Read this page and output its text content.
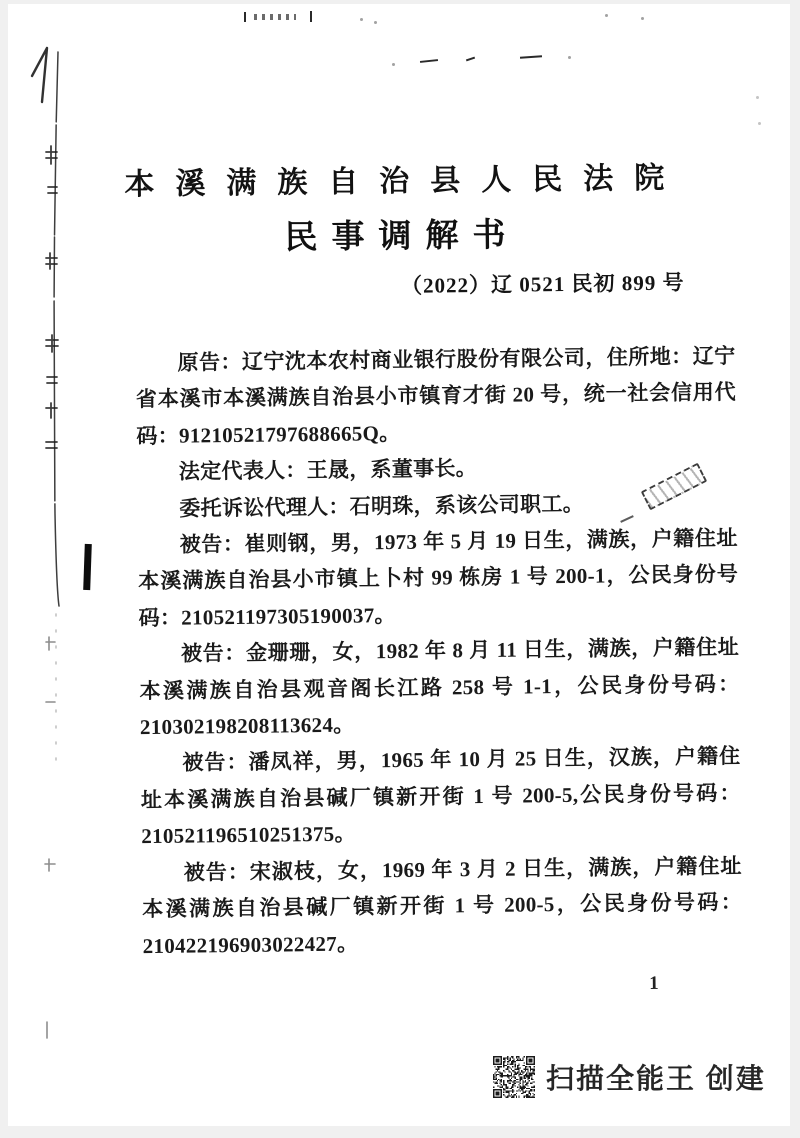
本溪满族自治县人民法院
民事调解书
（2022）辽 0521 民初 899 号

原告：辽宁沈本农村商业银行股份有限公司，住所地：辽宁省本溪市本溪满族自治县小市镇育才街 20 号，统一社会信用代码：91210521797688665Q。

法定代表人：王晟，系董事长。

委托诉讼代理人：石明珠，系该公司职工。

被告：崔则钢，男，1973 年 5 月 19 日生，满族，户籍住址本溪满族自治县小市镇上卜村 99 栋房 1 号 200-1，公民身份号码：210521197305190037。

被告：金珊珊，女，1982 年 8 月 11 日生，满族，户籍住址本溪满族自治县观音阁长江路 258 号 1-1，公民身份号码：210302198208113624。

被告：潘凤祥，男，1965 年 10 月 25 日生，汉族，户籍住址本溪满族自治县碱厂镇新开街 1 号 200-5,公民身份号码：210521196510251375。

被告：宋淑枝，女，1969 年 3 月 2 日生，满族，户籍住址本溪满族自治县碱厂镇新开街 1 号 200-5，公民身份号码：210422196903022427。

1
扫描全能王 创建
